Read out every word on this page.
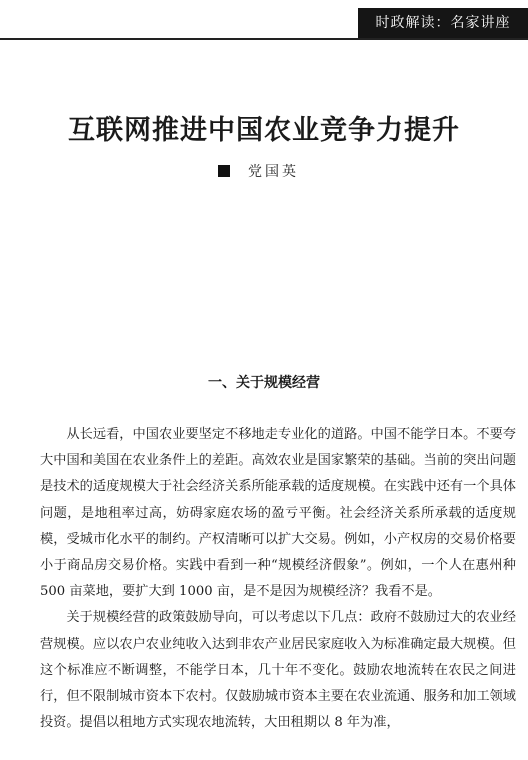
时政解读：名家讲座
互联网推进中国农业竞争力提升
党国英
一、关于规模经营

从长远看，中国农业要坚定不移地走专业化的道路。中国不能学日本。不要夸大中国和美国在农业条件上的差距。高效农业是国家繁荣的基础。当前的突出问题是技术的适度规模大于社会经济关系所能承载的适度规模。在实践中还有一个具体问题，是地租率过高，妨碍家庭农场的盈亏平衡。社会经济关系所承载的适度规模，受城市化水平的制约。产权清晰可以扩大交易。例如，小产权房的交易价格要小于商品房交易价格。实践中看到一种“规模经济假象”。例如，一个人在惠州种 500 亩菜地，要扩大到 1000 亩，是不是因为规模经济？我看不是。

关于规模经营的政策鼓励导向，可以考虑以下几点：政府不鼓励过大的农业经营规模。应以农户农业纯收入达到非农产业居民家庭收入为标准确定最大规模。但这个标准应不断调整，不能学日本，几十年不变化。鼓励农地流转在农民之间进行，但不限制城市资本下农村。仅鼓励城市资本主要在农业流通、服务和加工领域投资。提倡以租地方式实现农地流转，大田租期以 8 年为准，
